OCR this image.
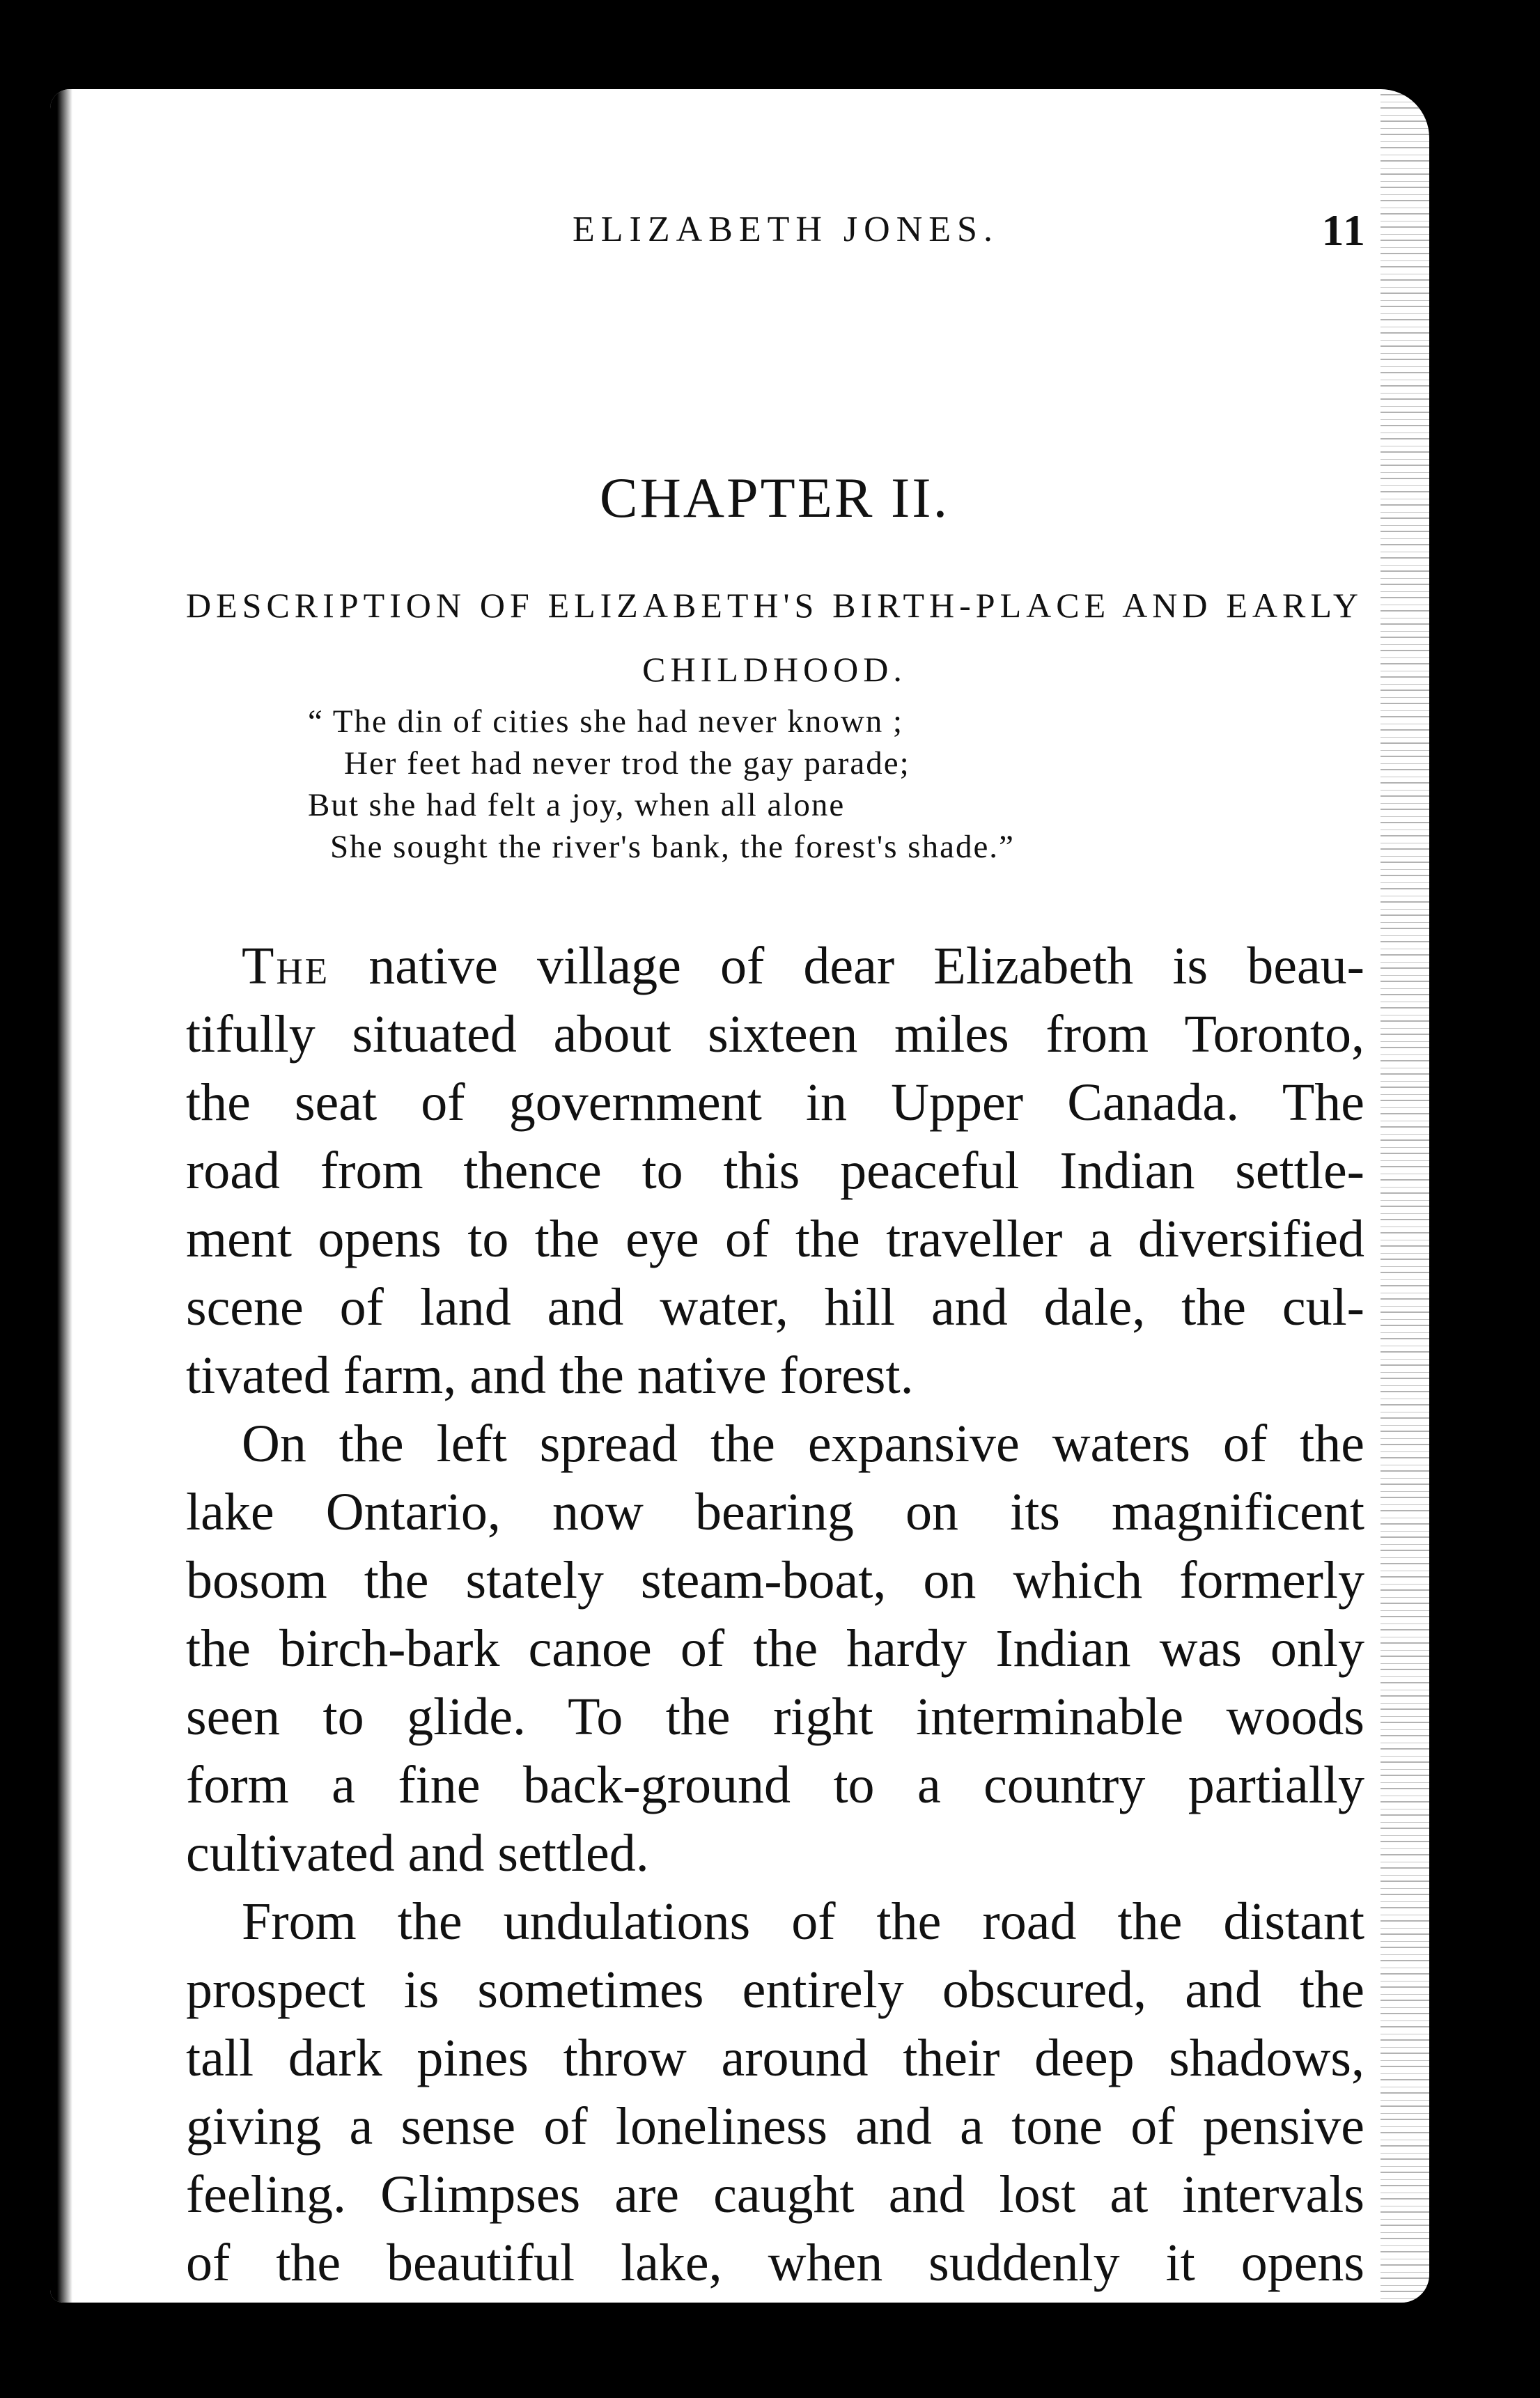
ELIZABETH JONES.	11
CHAPTER II.
DESCRIPTION OF ELIZABETH'S BIRTH-PLACE AND EARLY CHILDHOOD.
“ The din of cities she had never known ;
Her feet had never trod the gay parade;
But she had felt a joy, when all alone
She sought the river's bank, the forest's shade.”
The native village of dear Elizabeth is beau-
tifully situated about sixteen miles from Toronto,
the seat of government in Upper Canada. The
road from thence to this peaceful Indian settle-
ment opens to the eye of the traveller a diversified
scene of land and water, hill and dale, the cul-
tivated farm, and the native forest.
On the left spread the expansive waters of the
lake Ontario, now bearing on its magnificent
bosom the stately steam-boat, on which formerly
the birch-bark canoe of the hardy Indian was only
seen to glide. To the right interminable woods
form a fine back-ground to a country partially
cultivated and settled.
From the undulations of the road the distant
prospect is sometimes entirely obscured, and the
tall dark pines throw around their deep shadows,
giving a sense of loneliness and a tone of pensive
feeling. Glimpses are caught and lost at intervals
of the beautiful lake, when suddenly it opens
